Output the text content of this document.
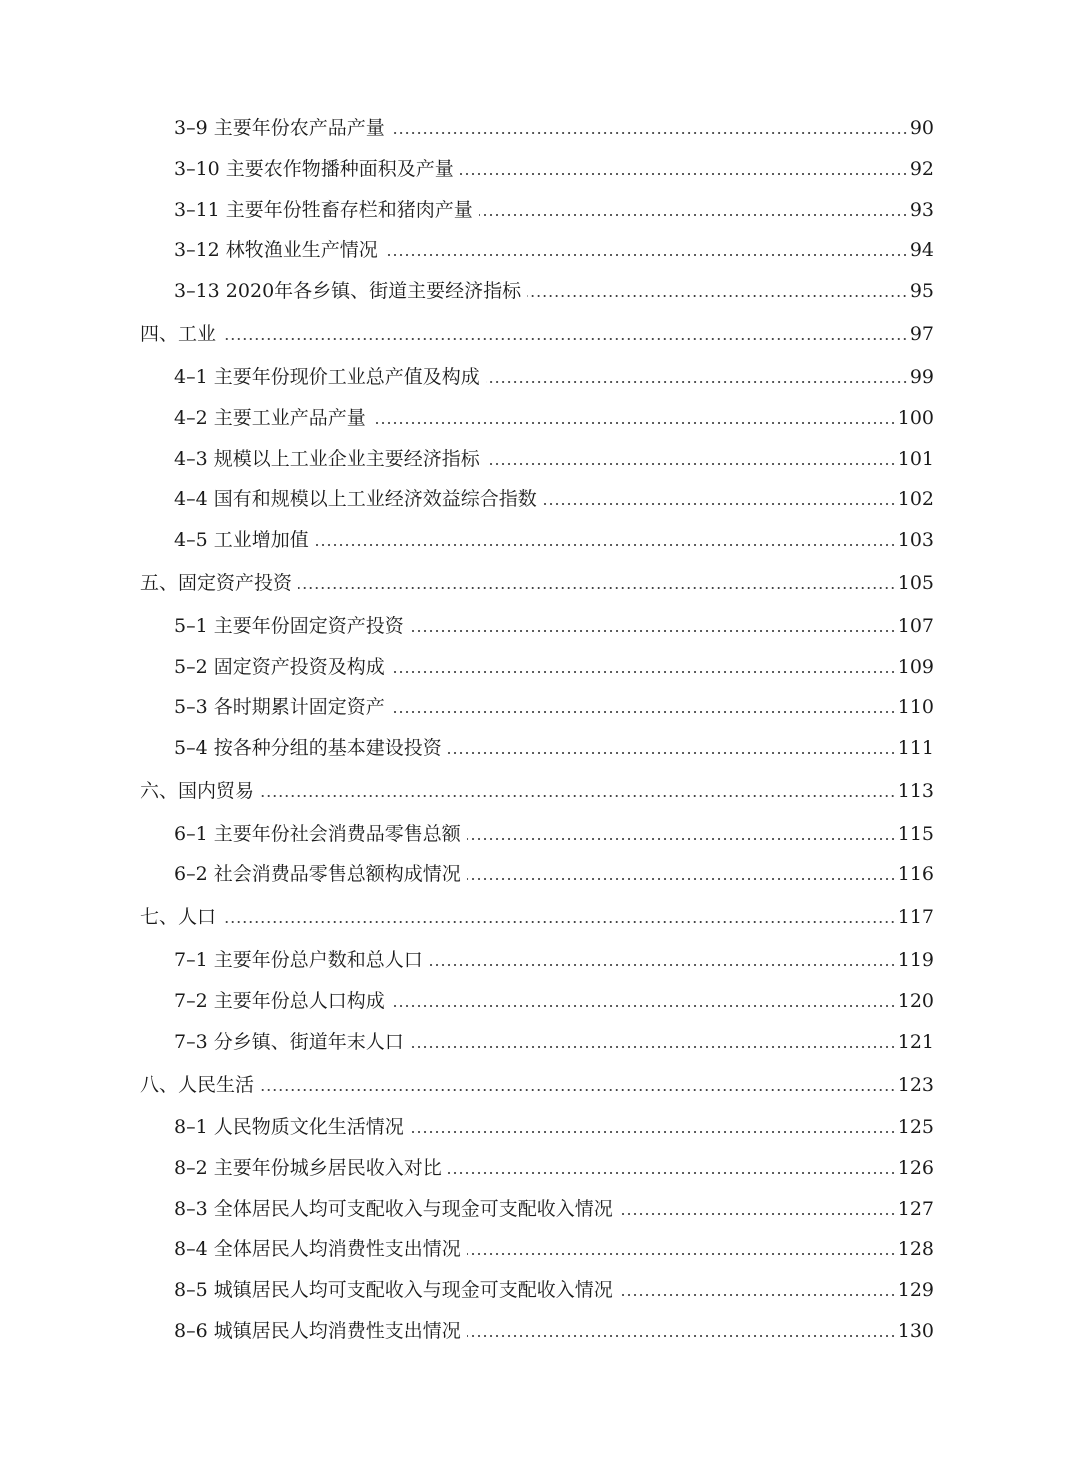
3–9 主要年份农产品产量	90
3–10 主要农作物播种面积及产量	92
3–11 主要年份牲畜存栏和猪肉产量	93
3–12 林牧渔业生产情况	94
3–13 2020年各乡镇、街道主要经济指标	95
四、工业	97
4–1 主要年份现价工业总产值及构成	99
4–2 主要工业产品产量	100
4–3 规模以上工业企业主要经济指标	101
4–4 国有和规模以上工业经济效益综合指数	102
4–5 工业增加值	103
五、固定资产投资	105
5–1 主要年份固定资产投资	107
5–2 固定资产投资及构成	109
5–3 各时期累计固定资产	110
5–4 按各种分组的基本建设投资	111
六、国内贸易	113
6–1 主要年份社会消费品零售总额	115
6–2 社会消费品零售总额构成情况	116
七、人口	117
7–1 主要年份总户数和总人口	119
7–2 主要年份总人口构成	120
7–3 分乡镇、街道年末人口	121
八、人民生活	123
8–1 人民物质文化生活情况	125
8–2 主要年份城乡居民收入对比	126
8–3 全体居民人均可支配收入与现金可支配收入情况	127
8–4 全体居民人均消费性支出情况	128
8–5 城镇居民人均可支配收入与现金可支配收入情况	129
8–6 城镇居民人均消费性支出情况	130
